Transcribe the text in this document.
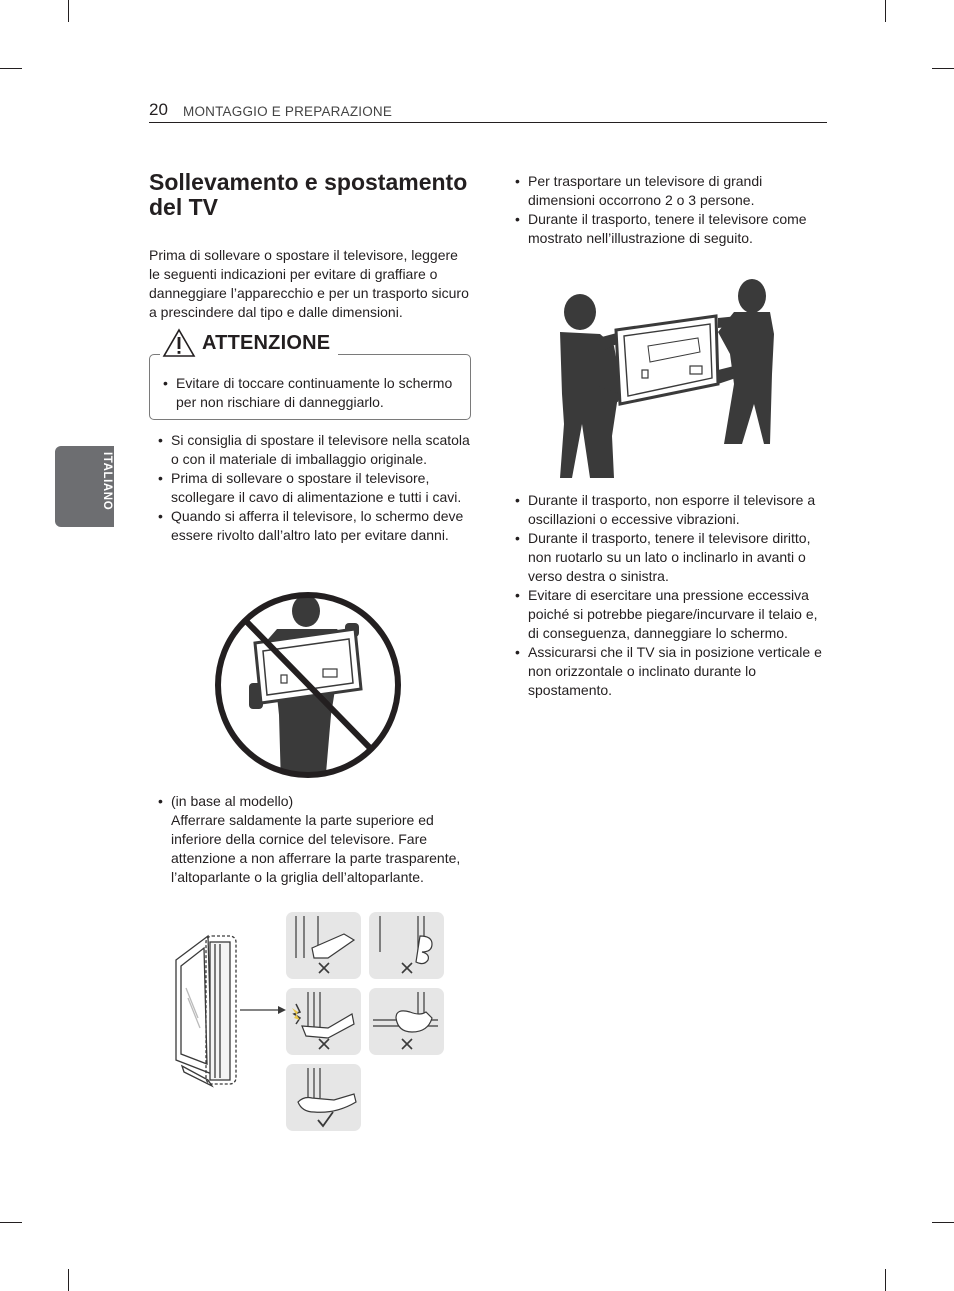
20 MONTAGGIO E PREPARAZIONE
ITALIANO
Sollevamento e spostamento del TV

Prima di sollevare o spostare il televisore, leggere le seguenti indicazioni per evitare di graffiare o danneggiare l’apparecchio e per un trasporto sicuro a prescindere dal tipo e dalle dimensioni.

ATTENZIONE
• Evitare di toccare continuamente lo schermo per non rischiare di danneggiarlo.
• Si consiglia di spostare il televisore nella scatola o con il materiale di imballaggio originale.
• Prima di sollevare o spostare il televisore, scollegare il cavo di alimentazione e tutti i cavi.
• Quando si afferra il televisore, lo schermo deve essere rivolto dall’altro lato per evitare danni.
• (in base al modello)
Afferrare saldamente la parte superiore ed inferiore della cornice del televisore. Fare attenzione a non afferrare la parte trasparente, l’altoparlante o la griglia dell’altoparlante.
• Per trasportare un televisore di grandi dimensioni occorrono 2 o 3 persone.
• Durante il trasporto, tenere il televisore come mostrato nell’illustrazione di seguito.
• Durante il trasporto, non esporre il televisore a oscillazioni o eccessive vibrazioni.
• Durante il trasporto, tenere il televisore diritto, non ruotarlo su un lato o inclinarlo in avanti o verso destra o sinistra.
• Evitare di esercitare una pressione eccessiva poiché si potrebbe piegare/incurvare il telaio e, di conseguenza, danneggiare lo schermo.
• Assicurarsi che il TV sia in posizione verticale e non orizzontale o inclinato durante lo spostamento.
